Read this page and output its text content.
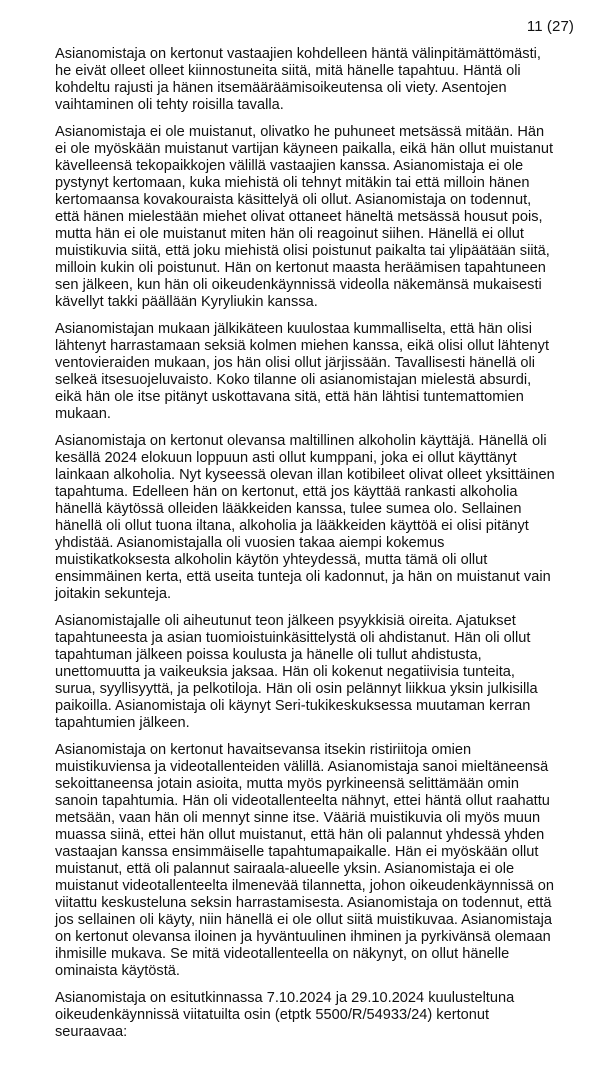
11 (27)

Asianomistaja on kertonut vastaajien kohdelleen häntä välinpitämättömästi,
he eivät olleet olleet kiinnostuneita siitä, mitä hänelle tapahtuu. Häntä oli
kohdeltu rajusti ja hänen itsemääräämisoikeutensa oli viety. Asentojen
vaihtaminen oli tehty roisilla tavalla.

Asianomistaja ei ole muistanut, olivatko he puhuneet metsässä mitään. Hän
ei ole myöskään muistanut vartijan käyneen paikalla, eikä hän ollut muistanut
kävelleensä tekopaikkojen välillä vastaajien kanssa. Asianomistaja ei ole
pystynyt kertomaan, kuka miehistä oli tehnyt mitäkin tai että milloin hänen
kertomaansa kovakouraista käsittelyä oli ollut. Asianomistaja on todennut,
että hänen mielestään miehet olivat ottaneet häneltä metsässä housut pois,
mutta hän ei ole muistanut miten hän oli reagoinut siihen. Hänellä ei ollut
muistikuvia siitä, että joku miehistä olisi poistunut paikalta tai ylipäätään siitä,
milloin kukin oli poistunut. Hän on kertonut maasta heräämisen tapahtuneen
sen jälkeen, kun hän oli oikeudenkäynnissä videolla näkemänsä mukaisesti
kävellyt takki päällään Kyryliukin kanssa.

Asianomistajan mukaan jälkikäteen kuulostaa kummalliselta, että hän olisi
lähtenyt harrastamaan seksiä kolmen miehen kanssa, eikä olisi ollut lähtenyt
ventovieraiden mukaan, jos hän olisi ollut järjissään. Tavallisesti hänellä oli
selkeä itsesuojeluvaisto. Koko tilanne oli asianomistajan mielestä absurdi,
eikä hän ole itse pitänyt uskottavana sitä, että hän lähtisi tuntemattomien
mukaan.

Asianomistaja on kertonut olevansa maltillinen alkoholin käyttäjä. Hänellä oli
kesällä 2024 elokuun loppuun asti ollut kumppani, joka ei ollut käyttänyt
lainkaan alkoholia. Nyt kyseessä olevan illan kotibileet olivat olleet yksittäinen
tapahtuma. Edelleen hän on kertonut, että jos käyttää rankasti alkoholia
hänellä käytössä olleiden lääkkeiden kanssa, tulee sumea olo. Sellainen
hänellä oli ollut tuona iltana, alkoholia ja lääkkeiden käyttöä ei olisi pitänyt
yhdistää. Asianomistajalla oli vuosien takaa aiempi kokemus
muistikatkoksesta alkoholin käytön yhteydessä, mutta tämä oli ollut
ensimmäinen kerta, että useita tunteja oli kadonnut, ja hän on muistanut vain
joitakin sekunteja.

Asianomistajalle oli aiheutunut teon jälkeen psyykkisiä oireita. Ajatukset
tapahtuneesta ja asian tuomioistuinkäsittelystä oli ahdistanut. Hän oli ollut
tapahtuman jälkeen poissa koulusta ja hänelle oli tullut ahdistusta,
unettomuutta ja vaikeuksia jaksaa. Hän oli kokenut negatiivisia tunteita,
surua, syyllisyyttä, ja pelkotiloja. Hän oli osin pelännyt liikkua yksin julkisilla
paikoilla. Asianomistaja oli käynyt Seri-tukikeskuksessa muutaman kerran
tapahtumien jälkeen.

Asianomistaja on kertonut havaitsevansa itsekin ristiriitoja omien
muistikuviensa ja videotallenteiden välillä. Asianomistaja sanoi mieltäneensä
sekoittaneensa jotain asioita, mutta myös pyrkineensä selittämään omin
sanoin tapahtumia. Hän oli videotallenteelta nähnyt, ettei häntä ollut raahattu
metsään, vaan hän oli mennyt sinne itse. Vääriä muistikuvia oli myös muun
muassa siinä, ettei hän ollut muistanut, että hän oli palannut yhdessä yhden
vastaajan kanssa ensimmäiselle tapahtumapaikalle. Hän ei myöskään ollut
muistanut, että oli palannut sairaala-alueelle yksin. Asianomistaja ei ole
muistanut videotallenteelta ilmenevää tilannetta, johon oikeudenkäynnissä on
viitattu keskusteluna seksin harrastamisesta. Asianomistaja on todennut, että
jos sellainen oli käyty, niin hänellä ei ole ollut siitä muistikuvaa. Asianomistaja
on kertonut olevansa iloinen ja hyväntuulinen ihminen ja pyrkivänsä olemaan
ihmisille mukava. Se mitä videotallenteella on näkynyt, on ollut hänelle
ominaista käytöstä.

Asianomistaja on esitutkinnassa 7.10.2024 ja 29.10.2024 kuulusteltuna
oikeudenkäynnissä viitatuilta osin (etptk 5500/R/54933/24) kertonut
seuraavaa:
